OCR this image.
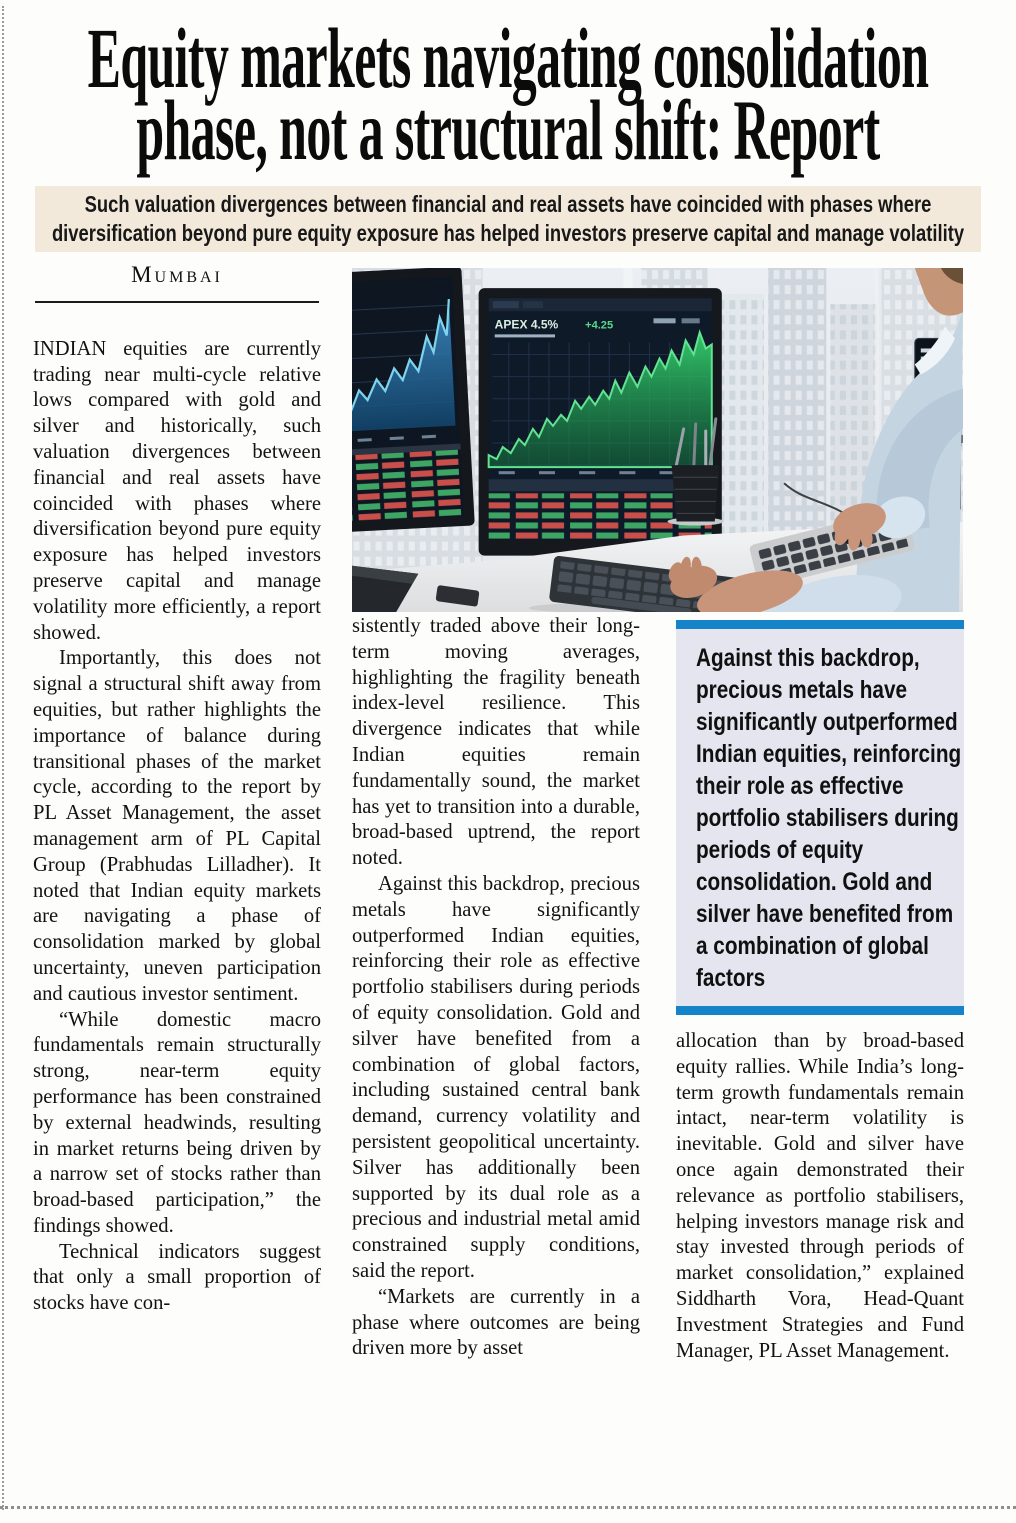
Equity markets navigating consolidation
phase, not a structural shift: Report
Such valuation divergences between financial and real assets have coincided with phases where
diversification beyond pure equity exposure has helped investors preserve capital and manage volatility
Mumbai

INDIAN equities are currently trading near multi-cycle relative lows compared with gold and silver and historically, such valuation divergences between financial and real assets have coincided with phases where diversification beyond pure equity exposure has helped investors preserve capital and manage volatility more efficiently, a report showed.

Importantly, this does not signal a structural shift away from equities, but rather highlights the importance of balance during transitional phases of the market cycle, according to the report by PL Asset Management, the asset management arm of PL Capital Group (Prabhudas Lilladher). It noted that Indian equity markets are navigating a phase of consolidation marked by global uncertainty, uneven participation and cautious investor sentiment.

“While domestic macro fundamentals remain structurally strong, near-term equity performance has been constrained by external headwinds, resulting in market returns being driven by a narrow set of stocks rather than broad-based participation,” the findings showed.

Technical indicators suggest that only a small proportion of stocks have con-

APEX 4.5% +4.25

sistently traded above their long-term moving averages, highlighting the fragility beneath index-level resilience. This divergence indicates that while Indian equities remain fundamentally sound, the market has yet to transition into a durable, broad-based uptrend, the report noted.

Against this backdrop, precious metals have significantly outperformed Indian equities, reinforcing their role as effective portfolio stabilisers during periods of equity consolidation. Gold and silver have benefited from a combination of global factors, including sustained central bank demand, currency volatility and persistent geopolitical uncertainty. Silver has additionally been supported by its dual role as a precious and industrial metal amid constrained supply conditions, said the report.

“Markets are currently in a phase where outcomes are being driven more by asset

Against this backdrop, precious metals have significantly outperformed Indian equities, reinforcing their role as effective portfolio stabilisers during periods of equity consolidation. Gold and silver have benefited from a combination of global factors

allocation than by broad-based equity rallies. While India’s long-term growth fundamentals remain intact, near-term volatility is inevitable. Gold and silver have once again demonstrated their relevance as portfolio stabilisers, helping investors manage risk and stay invested through periods of market consolidation,” explained Siddharth Vora, Head-Quant Investment Strategies and Fund Manager, PL Asset Management.
